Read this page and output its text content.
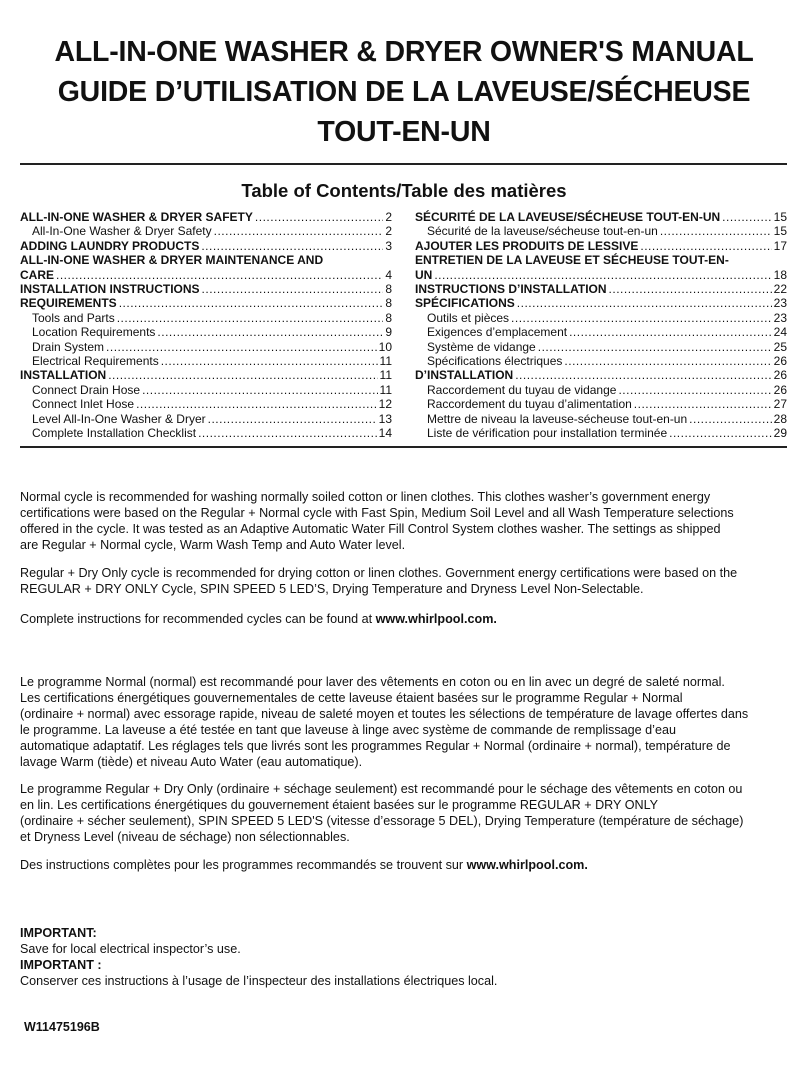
ALL-IN-ONE WASHER & DRYER OWNER'S MANUAL
GUIDE D’UTILISATION DE LA LAVEUSE/SÉCHEUSE
TOUT-EN-UN
Table of Contents/Table des matières
ALL-IN-ONE WASHER & DRYER SAFETY .....	2
All-In-One Washer & Dryer Safety .....	2
ADDING LAUNDRY PRODUCTS .....	3
ALL-IN-ONE WASHER & DRYER MAINTENANCE AND
CARE .....	4
INSTALLATION INSTRUCTIONS .....	8
REQUIREMENTS .....	8
Tools and Parts .....	8
Location Requirements .....	9
Drain System .....	10
Electrical Requirements .....	11
INSTALLATION .....	11
Connect Drain Hose .....	11
Connect Inlet Hose .....	12
Level All-In-One Washer & Dryer .....	13
Complete Installation Checklist .....	14
SÉCURITÉ DE LA LAVEUSE/SÉCHEUSE TOUT-EN-UN .....	15
Sécurité de la laveuse/sécheuse tout-en-un .....	15
AJOUTER LES PRODUITS DE LESSIVE .....	17
ENTRETIEN DE LA LAVEUSE ET SÉCHEUSE TOUT-EN-
UN .....	18
INSTRUCTIONS D’INSTALLATION .....	22
SPÉCIFICATIONS .....	23
Outils et pièces .....	23
Exigences d’emplacement .....	24
Système de vidange .....	25
Spécifications électriques .....	26
D’INSTALLATION .....	26
Raccordement du tuyau de vidange .....	26
Raccordement du tuyau d’alimentation .....	27
Mettre de niveau la laveuse-sécheuse tout-en-un .....	28
Liste de vérification pour installation terminée .....	29

Normal cycle is recommended for washing normally soiled cotton or linen clothes. This clothes washer’s government energy
certifications were based on the Regular + Normal cycle with Fast Spin, Medium Soil Level and all Wash Temperature selections
offered in the cycle. It was tested as an Adaptive Automatic Water Fill Control System clothes washer. The settings as shipped
are Regular + Normal cycle, Warm Wash Temp and Auto Water level.

Regular + Dry Only cycle is recommended for drying cotton or linen clothes. Government energy certifications were based on the
REGULAR + DRY ONLY Cycle, SPIN SPEED 5 LED’S, Drying Temperature and Dryness Level Non-Selectable.

Complete instructions for recommended cycles can be found at www.whirlpool.com.

Le programme Normal (normal) est recommandé pour laver des vêtements en coton ou en lin avec un degré de saleté normal.
Les certifications énergétiques gouvernementales de cette laveuse étaient basées sur le programme Regular + Normal
(ordinaire + normal) avec essorage rapide, niveau de saleté moyen et toutes les sélections de température de lavage offertes dans
le programme. La laveuse a été testée en tant que laveuse à linge avec système de commande de remplissage d’eau
automatique adaptatif. Les réglages tels que livrés sont les programmes Regular + Normal (ordinaire + normal), température de
lavage Warm (tiède) et niveau Auto Water (eau automatique).

Le programme Regular + Dry Only (ordinaire + séchage seulement) est recommandé pour le séchage des vêtements en coton ou
en lin. Les certifications énergétiques du gouvernement étaient basées sur le programme REGULAR + DRY ONLY
(ordinaire + sécher seulement), SPIN SPEED 5 LED'S (vitesse d’essorage 5 DEL), Drying Temperature (température de séchage)
et Dryness Level (niveau de séchage) non sélectionnables.

Des instructions complètes pour les programmes recommandés se trouvent sur www.whirlpool.com.

IMPORTANT:
Save for local electrical inspector’s use.
IMPORTANT :
Conserver ces instructions à l’usage de l’inspecteur des installations électriques local.

W11475196B
